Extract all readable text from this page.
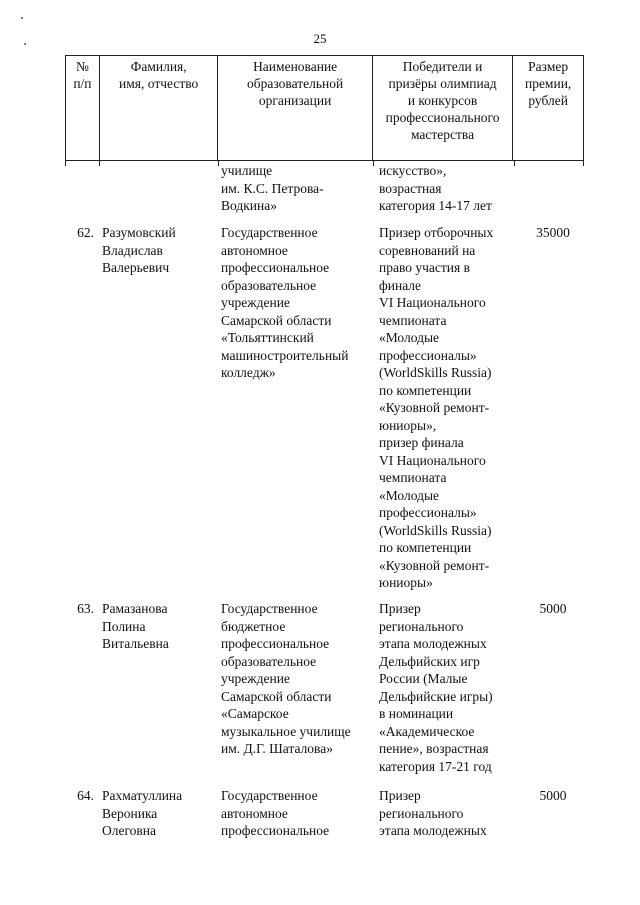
25
№
п/п
Фамилия,
имя, отчество
Наименование
образовательной
организации
Победители и
призёры олимпиад
и конкурсов
профессионального
мастерства
Размер
премии,
рублей
училище
им. К.С. Петрова-
Водкина»
искусство»,
возрастная
категория 14-17 лет
62. Разумовский
Владислав
Валерьевич
Государственное
автономное
профессиональное
образовательное
учреждение
Самарской области
«Тольяттинский
машиностроительный
колледж»
Призер отборочных
соревнований на
право участия в
финале
VI Национального
чемпионата
«Молодые
профессионалы»
(WorldSkills Russia)
по компетенции
«Кузовной ремонт-
юниоры»,
призер финала
VI Национального
чемпионата
«Молодые
профессионалы»
(WorldSkills Russia)
по компетенции
«Кузовной ремонт-
юниоры»
35000
63. Рамазанова
Полина
Витальевна
Государственное
бюджетное
профессиональное
образовательное
учреждение
Самарской области
«Самарское
музыкальное училище
им. Д.Г. Шаталова»
Призер
регионального
этапа молодежных
Дельфийских игр
России (Малые
Дельфийские игры)
в номинации
«Академическое
пение», возрастная
категория 17-21 год
5000
64. Рахматуллина
Вероника
Олеговна
Государственное
автономное
профессиональное
Призер
регионального
этапа молодежных
5000
